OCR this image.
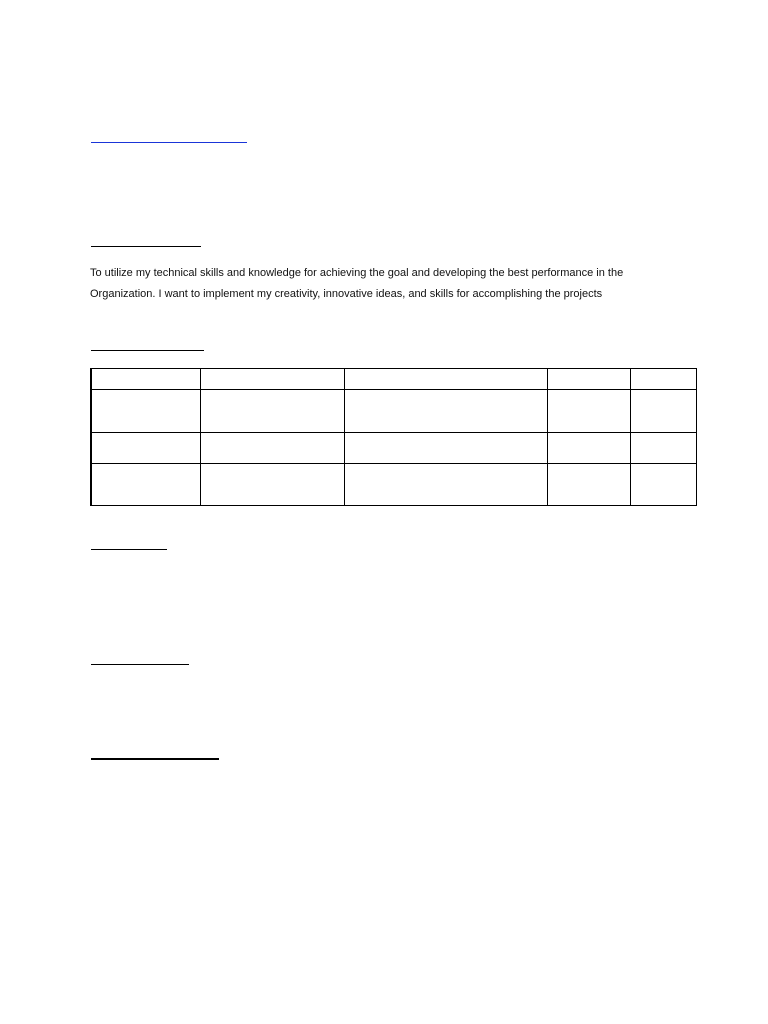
To utilize my technical skills and knowledge for achieving the goal and developing the best performance in the Organization. I want to implement my creativity, innovative ideas, and skills for accomplishing the projects
